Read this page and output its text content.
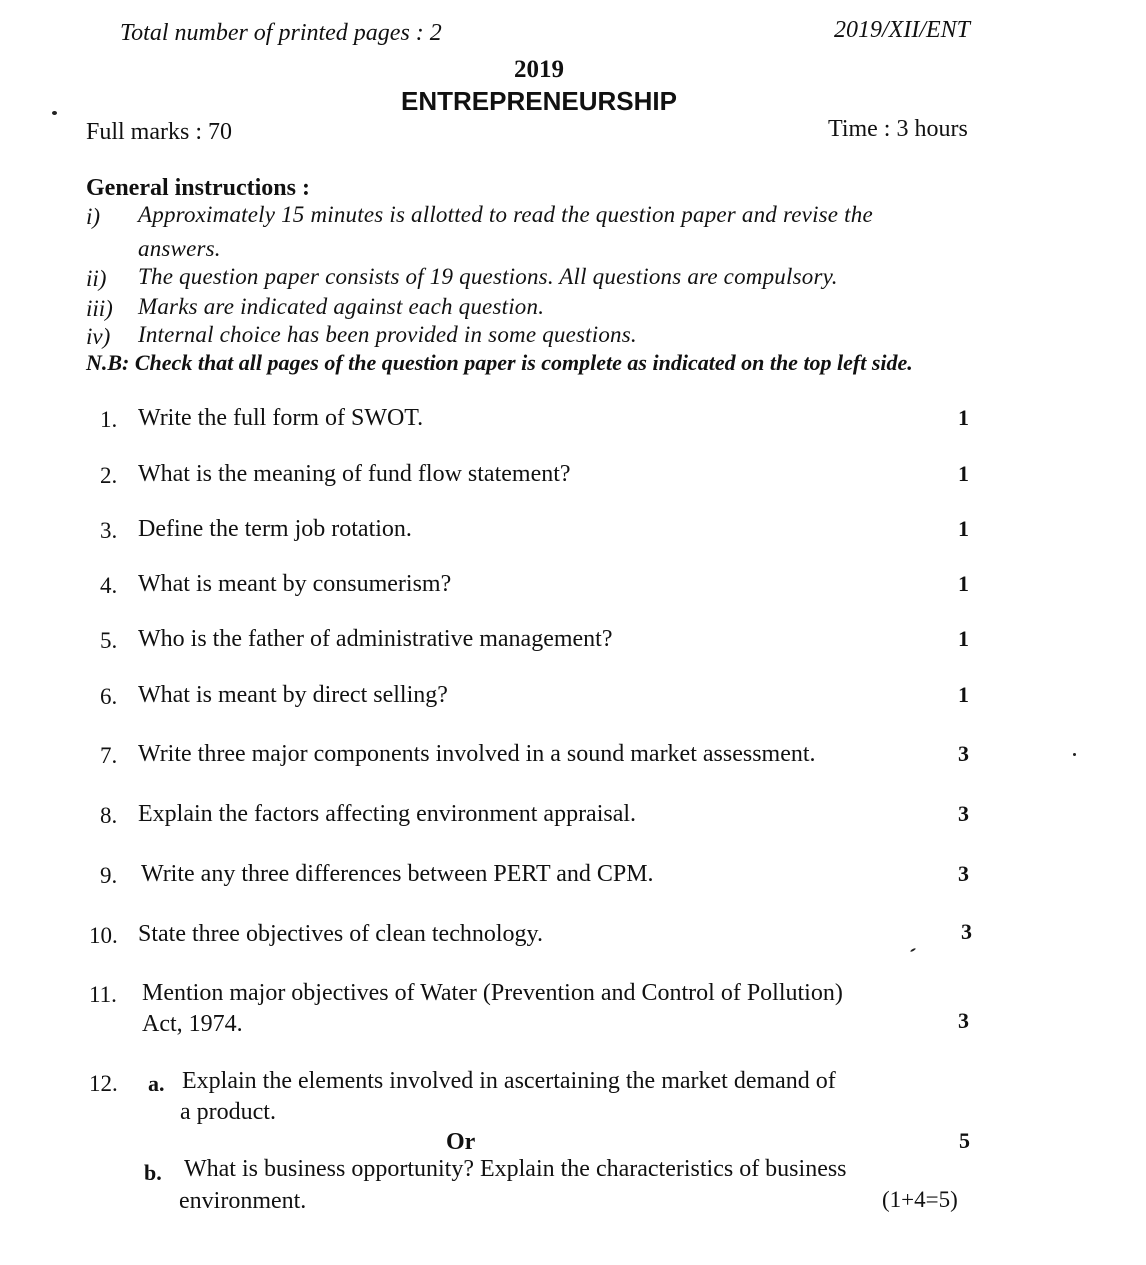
Total number of printed pages : 2	2019/XII/ENT
2019
ENTREPRENEURSHIP
Full marks : 70	Time : 3 hours
General instructions :
i) Approximately 15 minutes is allotted to read the question paper and revise the
answers.
ii) The question paper consists of 19 questions. All questions are compulsory.
iii) Marks are indicated against each question.
iv) Internal choice has been provided in some questions.
N.B: Check that all pages of the question paper is complete as indicated on the top left side.
1. Write the full form of SWOT.	1
2. What is the meaning of fund flow statement?	1
3. Define the term job rotation.	1
4. What is meant by consumerism?	1
5. Who is the father of administrative management?	1
6. What is meant by direct selling?	1
7. Write three major components involved in a sound market assessment.	3
8. Explain the factors affecting environment appraisal.	3
9. Write any three differences between PERT and CPM.	3
10. State three objectives of clean technology.	3
11. Mention major objectives of Water (Prevention and Control of Pollution)
Act, 1974.	3
12. a. Explain the elements involved in ascertaining the market demand of
a product.
Or	5
b. What is business opportunity? Explain the characteristics of business
environment.	(1+4=5)
